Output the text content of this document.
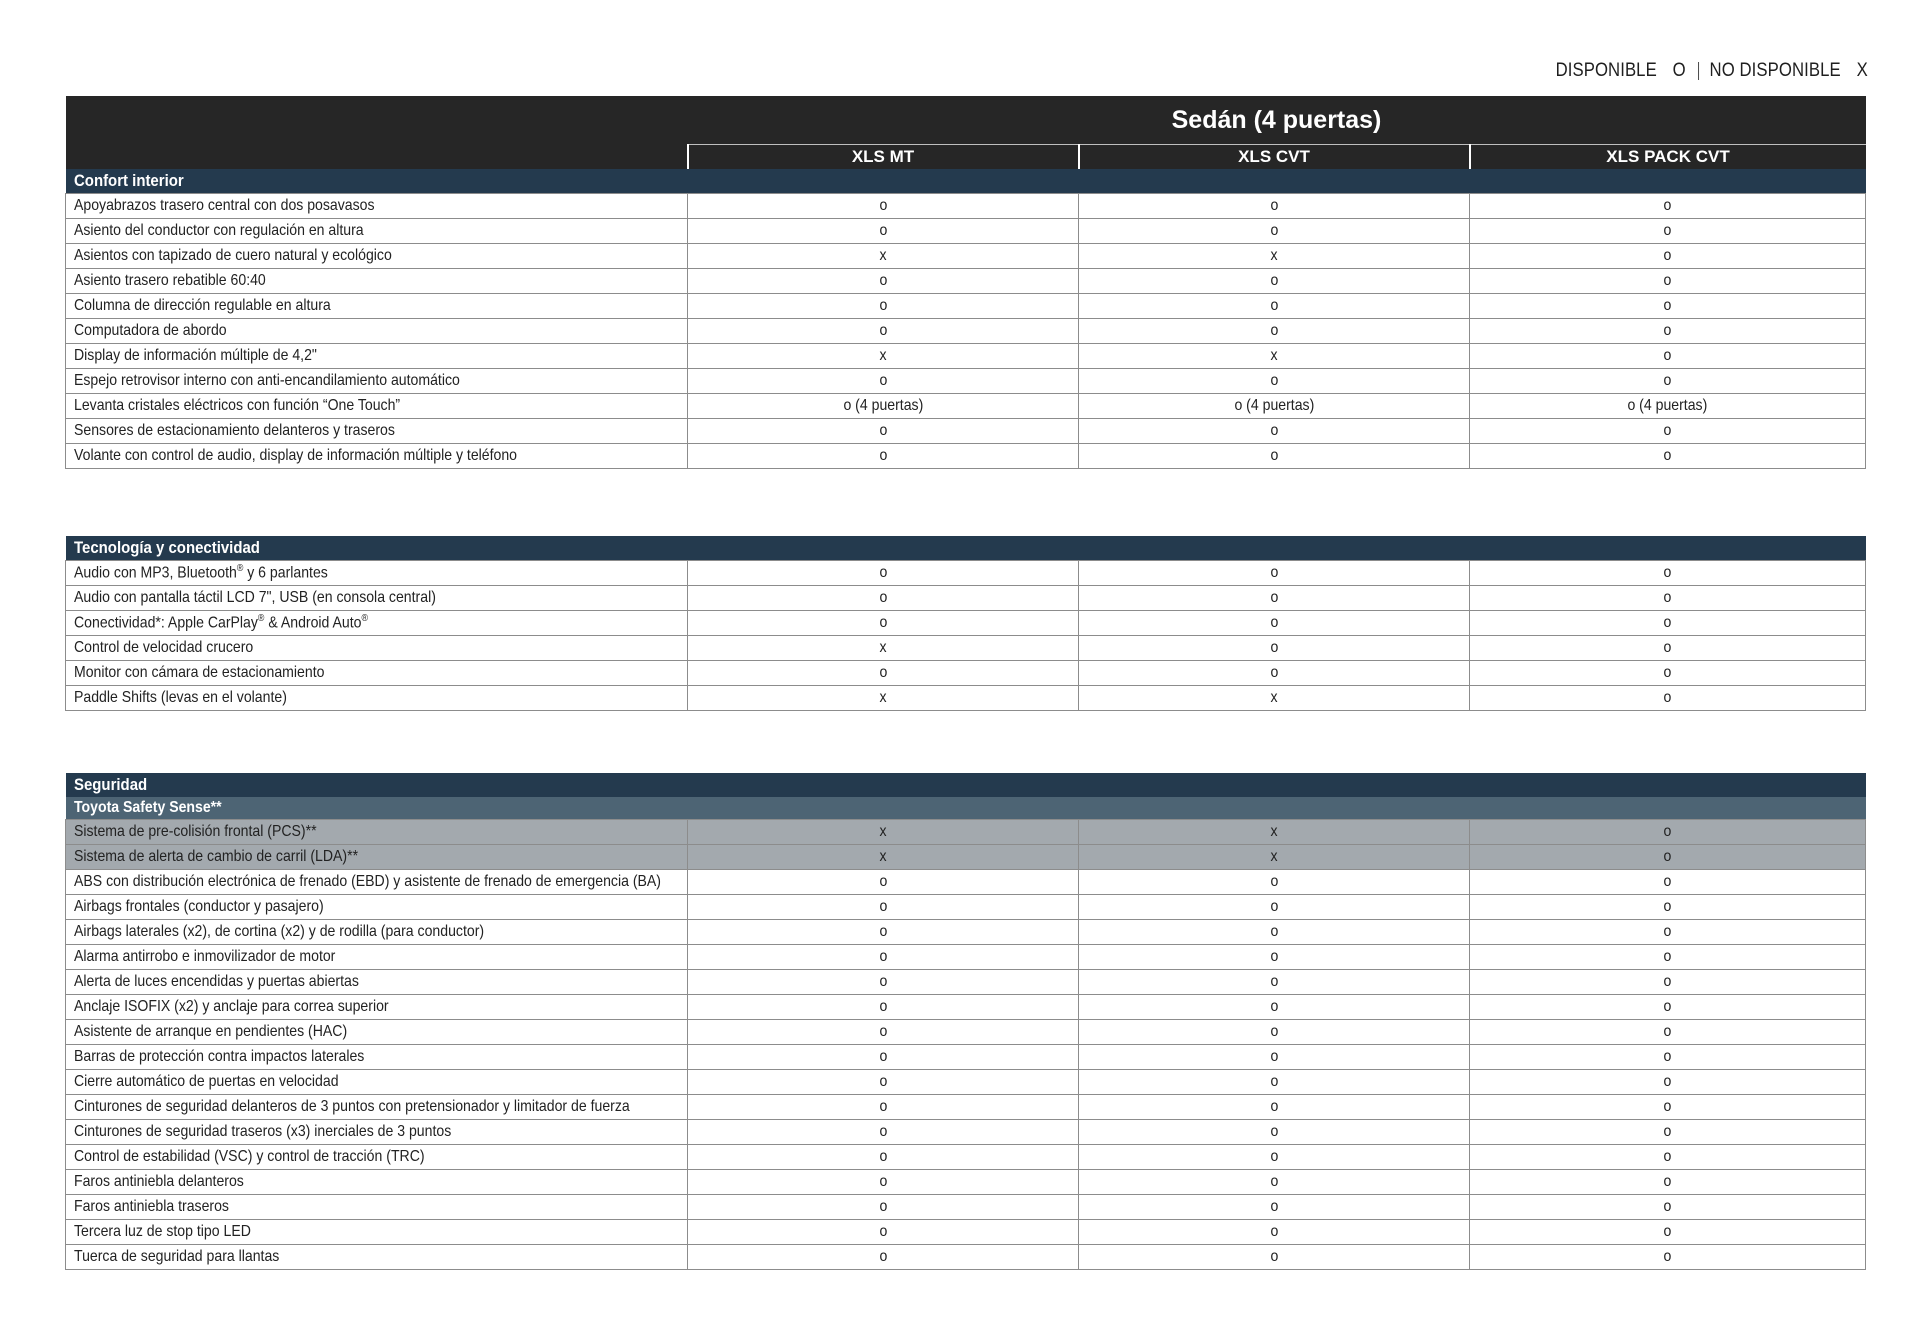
DISPONIBLE O NO DISPONIBLE X
	Sedán (4 puertas)		
	XLS MT	XLS CVT	XLS PACK CVT
Confort interior			
Apoyabrazos trasero central con dos posavasos	o	o	o
Asiento del conductor con regulación en altura	o	o	o
Asientos con tapizado de cuero natural y ecológico	x	x	o
Asiento trasero rebatible 60:40	o	o	o
Columna de dirección regulable en altura	o	o	o
Computadora de abordo	o	o	o
Display de información múltiple de 4,2"	x	x	o
Espejo retrovisor interno con anti-encandilamiento automático	o	o	o
Levanta cristales eléctricos con función “One Touch”	o (4 puertas)	o (4 puertas)	o (4 puertas)
Sensores de estacionamiento delanteros y traseros	o	o	o
Volante con control de audio, display de información múltiple y teléfono	o	o	o
Tecnología y conectividad			
Audio con MP3, Bluetooth® y 6 parlantes	o	o	o
Audio con pantalla táctil LCD 7", USB (en consola central)	o	o	o
Conectividad*: Apple CarPlay® & Android Auto®	o	o	o
Control de velocidad crucero	x	o	o
Monitor con cámara de estacionamiento	o	o	o
Paddle Shifts (levas en el volante)	x	x	o
Seguridad			
Toyota Safety Sense**			
Sistema de pre-colisión frontal (PCS)**	x	x	o
Sistema de alerta de cambio de carril (LDA)**	x	x	o
ABS con distribución electrónica de frenado (EBD) y asistente de frenado de emergencia (BA)	o	o	o
Airbags frontales (conductor y pasajero)	o	o	o
Airbags laterales (x2), de cortina (x2) y de rodilla (para conductor)	o	o	o
Alarma antirrobo e inmovilizador de motor	o	o	o
Alerta de luces encendidas y puertas abiertas	o	o	o
Anclaje ISOFIX (x2) y anclaje para correa superior	o	o	o
Asistente de arranque en pendientes (HAC)	o	o	o
Barras de protección contra impactos laterales	o	o	o
Cierre automático de puertas en velocidad	o	o	o
Cinturones de seguridad delanteros de 3 puntos con pretensionador y limitador de fuerza	o	o	o
Cinturones de seguridad traseros (x3) inerciales de 3 puntos	o	o	o
Control de estabilidad (VSC) y control de tracción (TRC)	o	o	o
Faros antiniebla delanteros	o	o	o
Faros antiniebla traseros	o	o	o
Tercera luz de stop tipo LED	o	o	o
Tuerca de seguridad para llantas	o	o	o
